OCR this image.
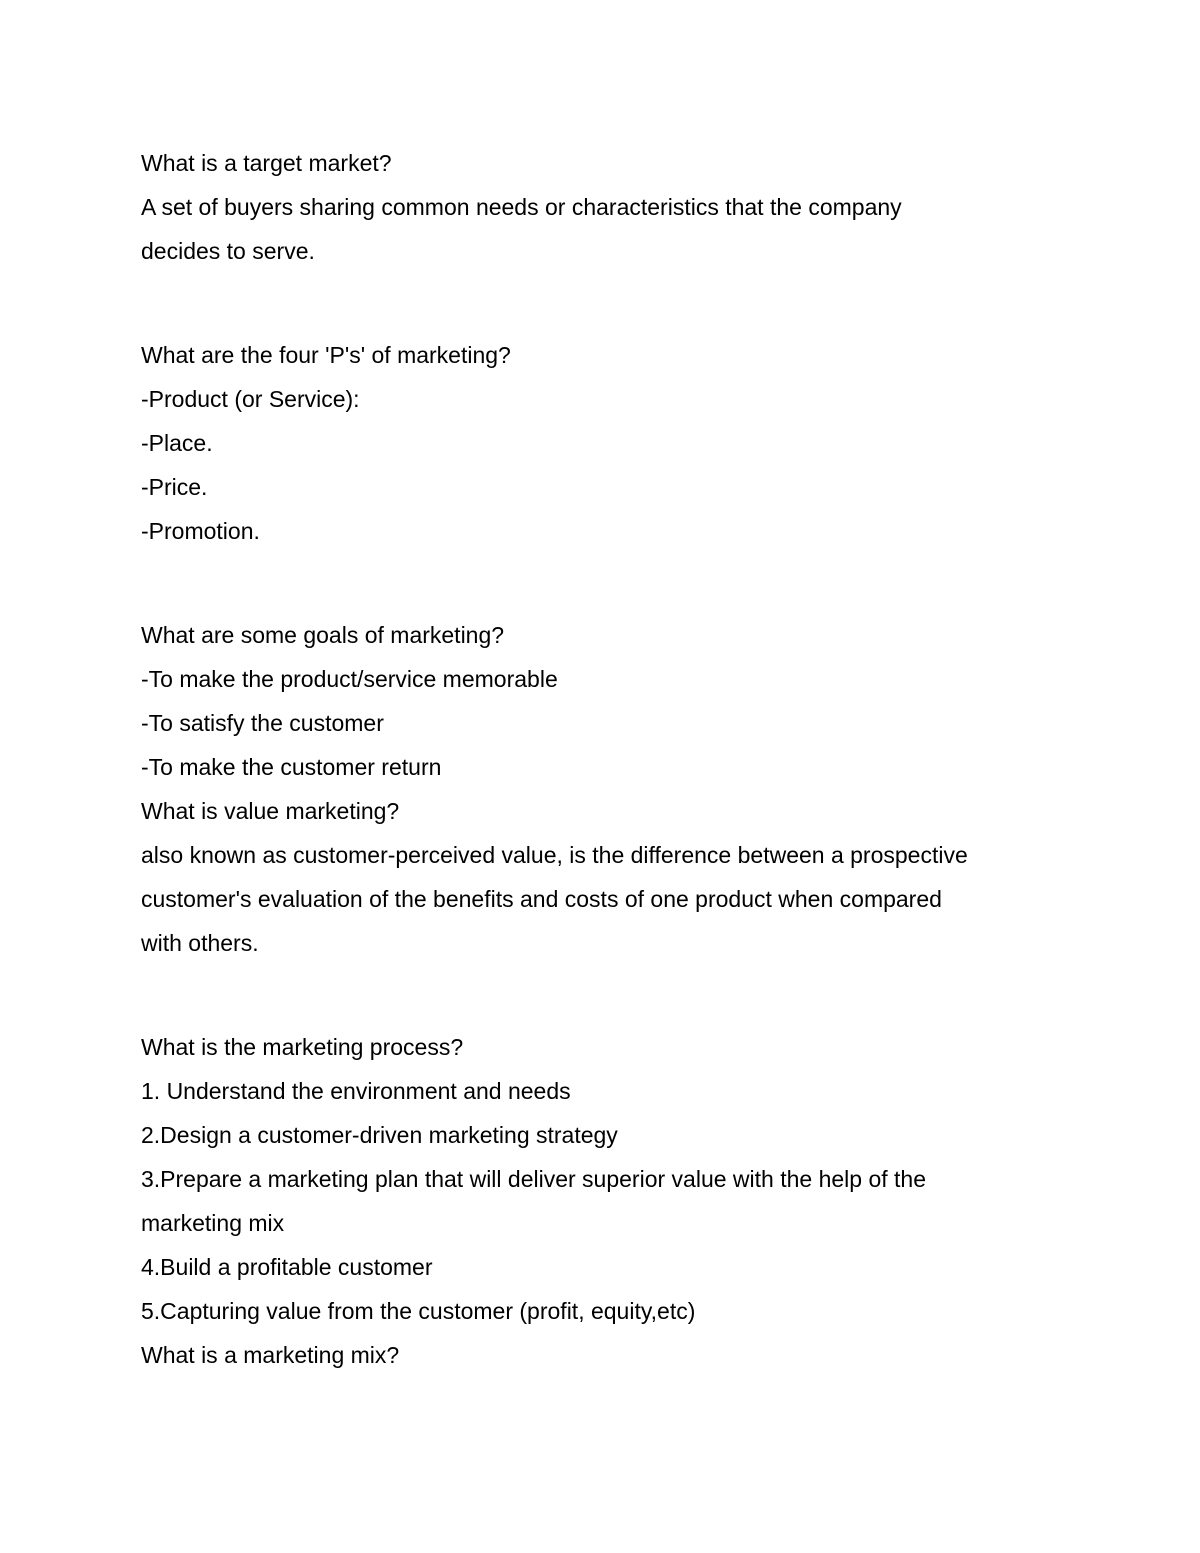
What is a target market?
A set of buyers sharing common needs or characteristics that the company
decides to serve.
What are the four 'P's' of marketing?
-Product (or Service):
-Place.
-Price.
-Promotion.
What are some goals of marketing?
-To make the product/service memorable
-To satisfy the customer
-To make the customer return
What is value marketing?
also known as customer-perceived value, is the difference between a prospective
customer's evaluation of the benefits and costs of one product when compared
with others.
What is the marketing process?
1. Understand the environment and needs
2.Design a customer-driven marketing strategy
3.Prepare a marketing plan that will deliver superior value with the help of the
marketing mix
4.Build a profitable customer
5.Capturing value from the customer (profit, equity,etc)
What is a marketing mix?
